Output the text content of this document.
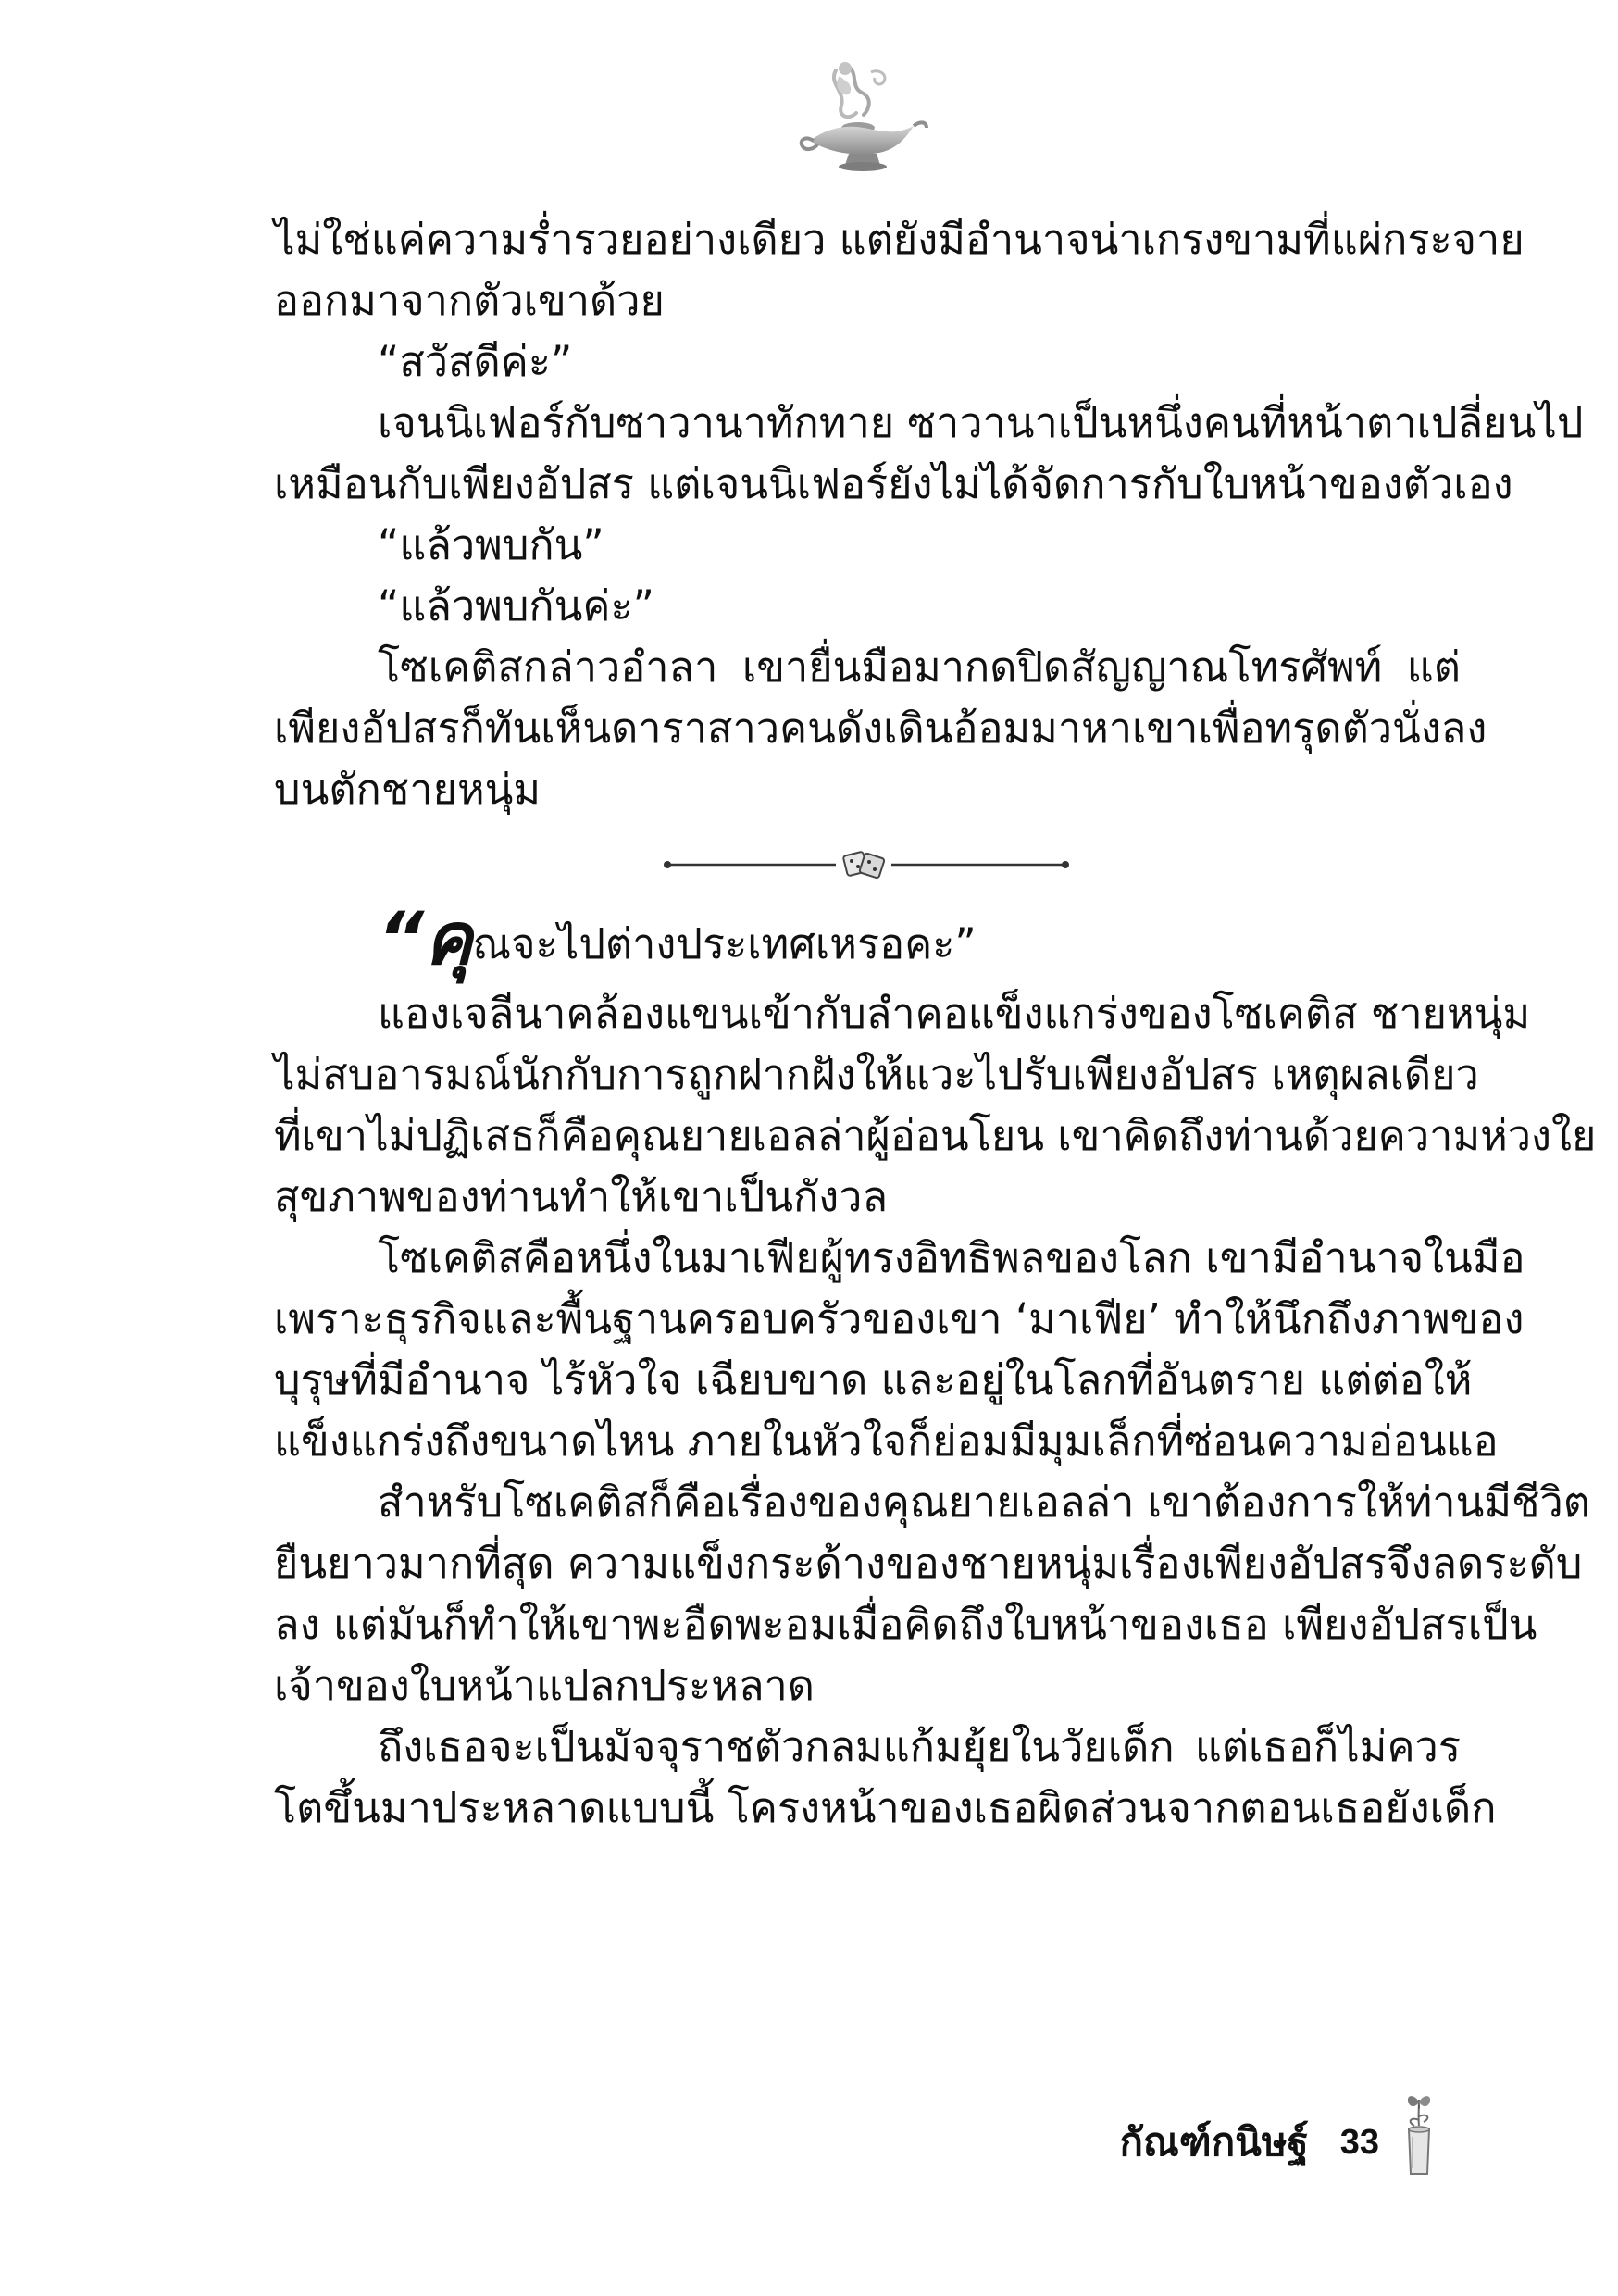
ไม่ใช่แค่ความร่ำรวยอย่างเดียว แต่ยังมีอำนาจน่าเกรงขามที่แผ่กระจาย
ออกมาจากตัวเขาด้วย
“สวัสดีค่ะ”
เจนนิเฟอร์กับซาวานาทักทาย ซาวานาเป็นหนึ่งคนที่หน้าตาเปลี่ยนไป
เหมือนกับเพียงอัปสร แต่เจนนิเฟอร์ยังไม่ได้จัดการกับใบหน้าของตัวเอง
“แล้วพบกัน”
“แล้วพบกันค่ะ”
โซเคติสกล่าวอำลา เขายื่นมือมากดปิดสัญญาณโทรศัพท์ แต่
เพียงอัปสรก็ทันเห็นดาราสาวคนดังเดินอ้อมมาหาเขาเพื่อทรุดตัวนั่งลง
บนตักชายหนุ่ม
“คุณจะไปต่างประเทศเหรอคะ”
แองเจลีนาคล้องแขนเข้ากับลำคอแข็งแกร่งของโซเคติส ชายหนุ่ม
ไม่สบอารมณ์นักกับการถูกฝากฝังให้แวะไปรับเพียงอัปสร เหตุผลเดียว
ที่เขาไม่ปฏิเสธก็คือคุณยายเอลล่าผู้อ่อนโยน เขาคิดถึงท่านด้วยความห่วงใย
สุขภาพของท่านทำให้เขาเป็นกังวล
โซเคติสคือหนึ่งในมาเฟียผู้ทรงอิทธิพลของโลก เขามีอำนาจในมือ
เพราะธุรกิจและพื้นฐานครอบครัวของเขา ‘มาเฟีย’ ทำให้นึกถึงภาพของ
บุรุษที่มีอำนาจ ไร้หัวใจ เฉียบขาด และอยู่ในโลกที่อันตราย แต่ต่อให้
แข็งแกร่งถึงขนาดไหน ภายในหัวใจก็ย่อมมีมุมเล็กที่ซ่อนความอ่อนแอ
สำหรับโซเคติสก็คือเรื่องของคุณยายเอลล่า เขาต้องการให้ท่านมีชีวิต
ยืนยาวมากที่สุด ความแข็งกระด้างของชายหนุ่มเรื่องเพียงอัปสรจึงลดระดับ
ลง แต่มันก็ทำให้เขาพะอืดพะอมเมื่อคิดถึงใบหน้าของเธอ เพียงอัปสรเป็น
เจ้าของใบหน้าแปลกประหลาด
ถึงเธอจะเป็นมัจจุราชตัวกลมแก้มยุ้ยในวัยเด็ก แต่เธอก็ไม่ควร
โตขึ้นมาประหลาดแบบนี้ โครงหน้าของเธอผิดส่วนจากตอนเธอยังเด็ก
กัณฑ์กนิษฐ์ 33
